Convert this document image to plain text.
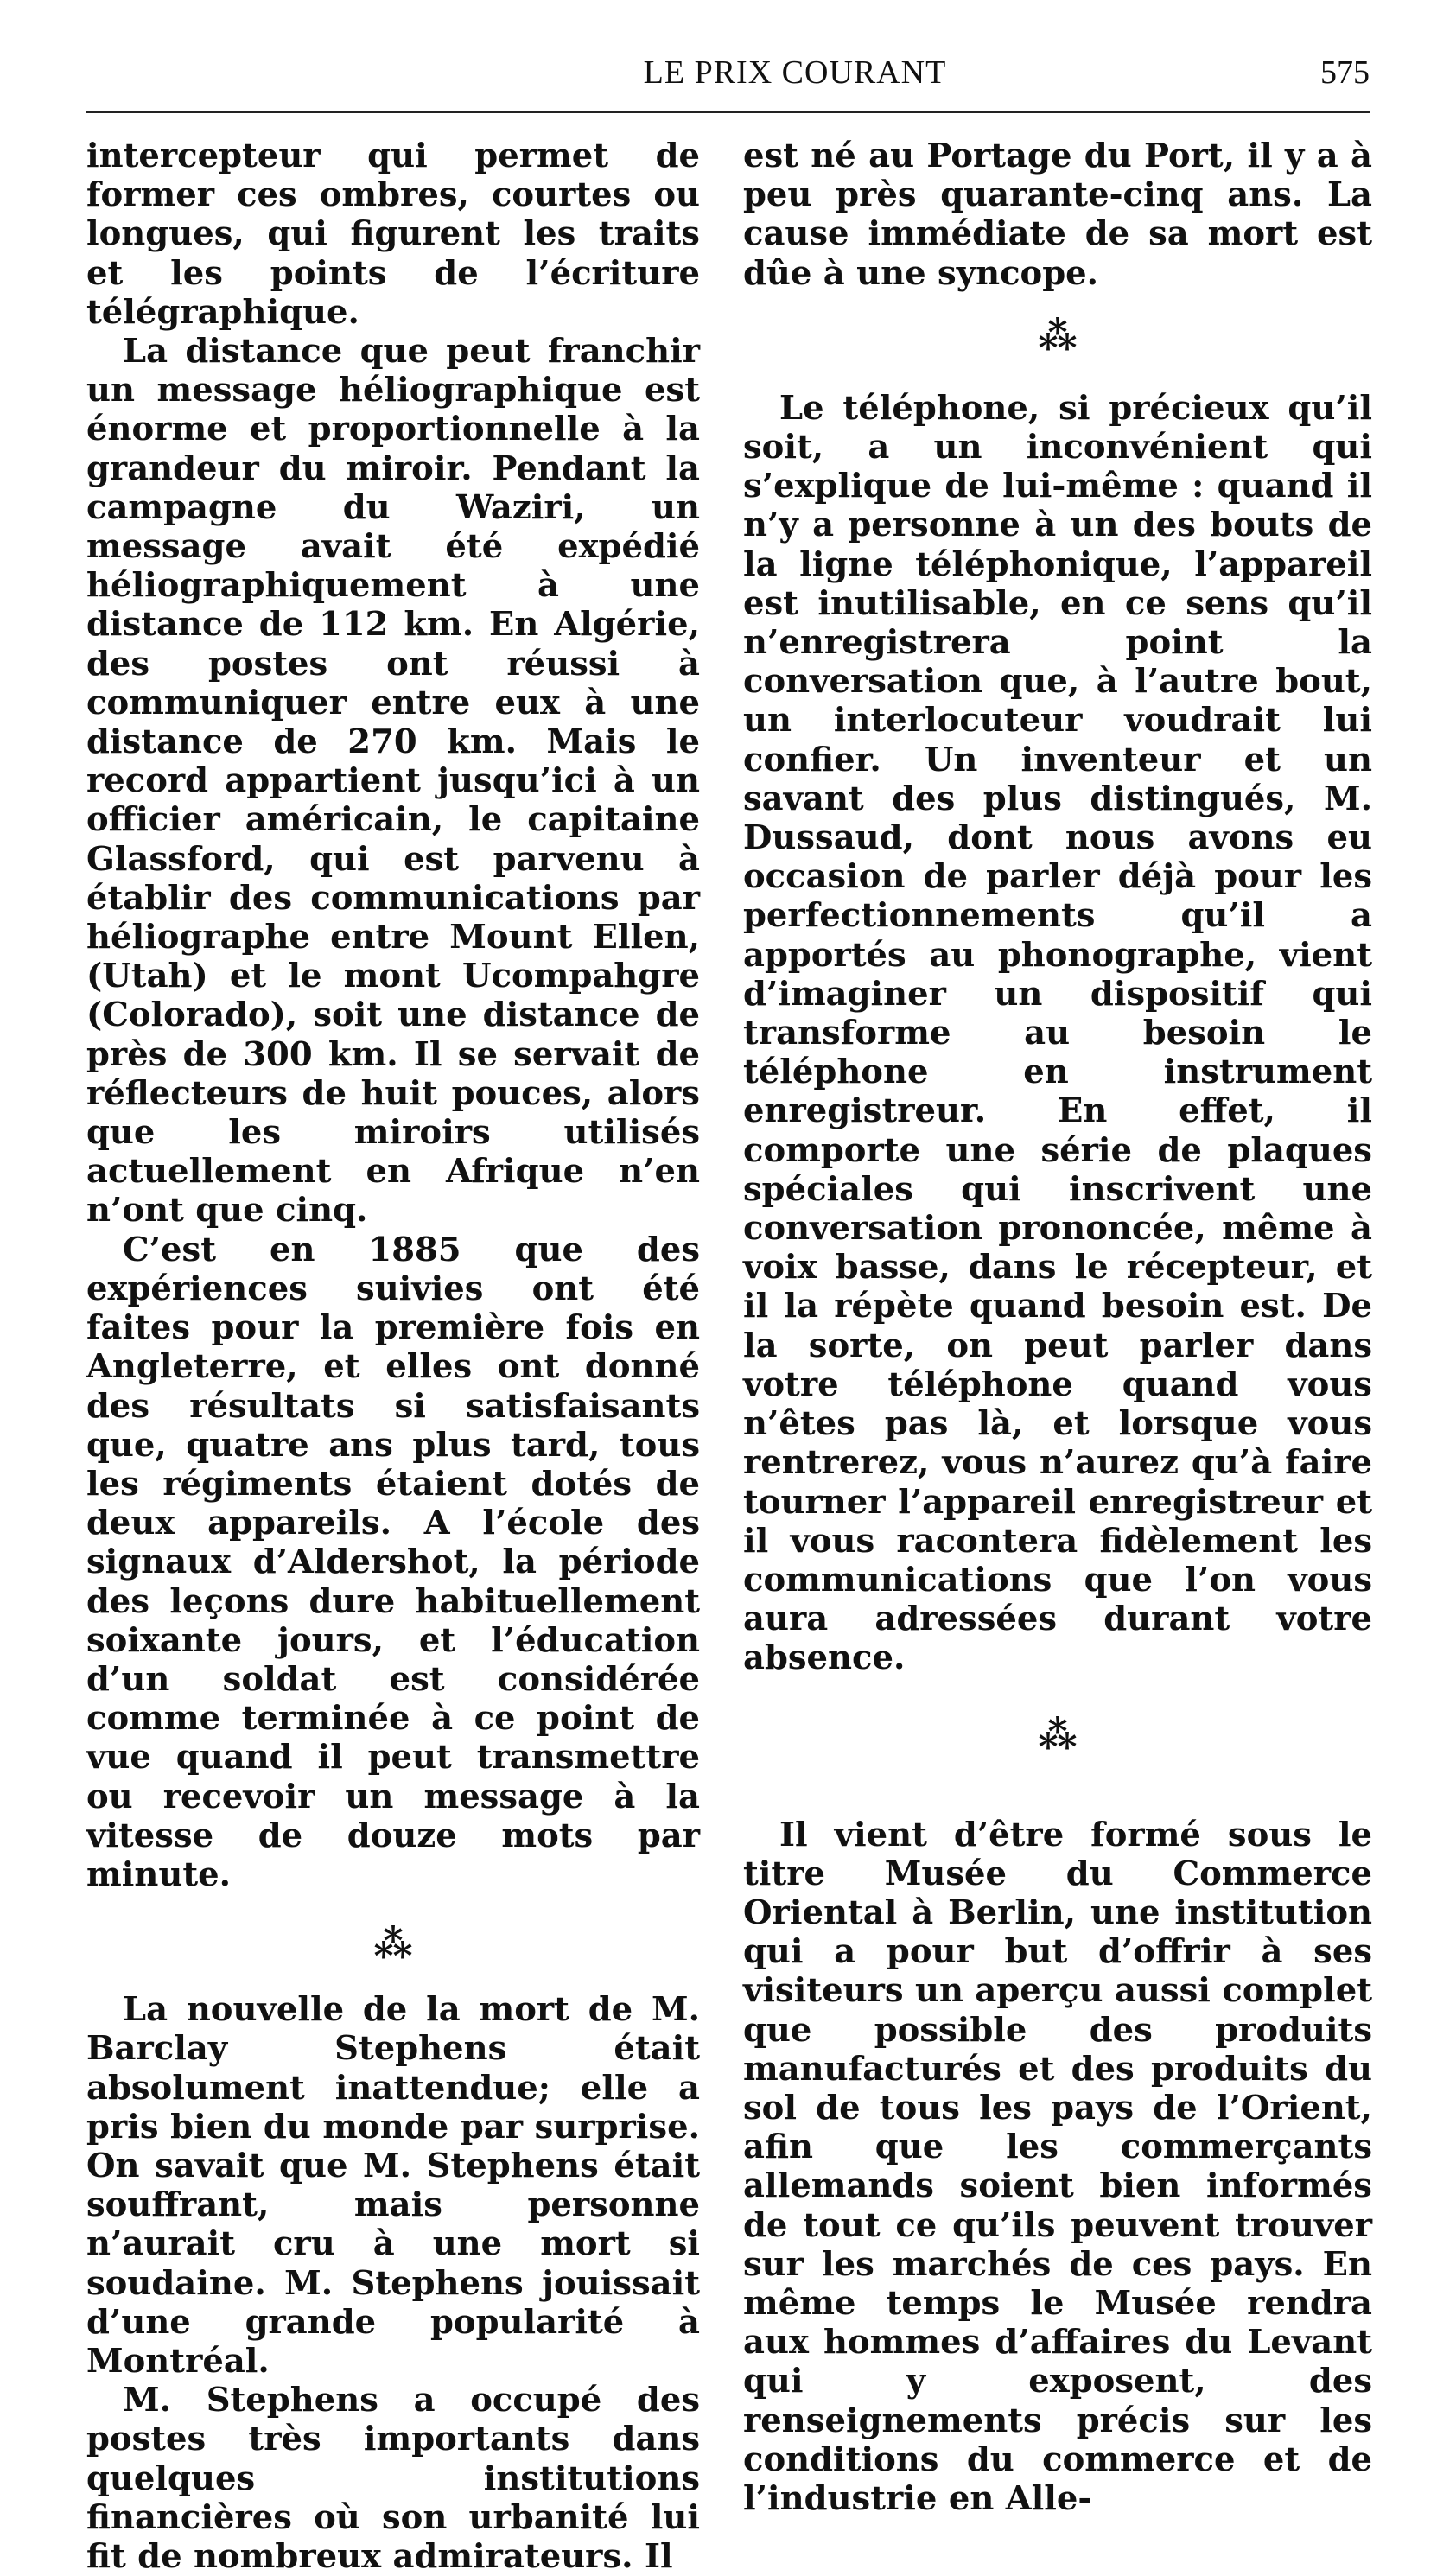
LE PRIX COURANT	575

intercepteur qui permet de former ces ombres, courtes ou longues, qui figurent les traits et les points de l’écriture télégraphique.

La distance que peut franchir un message héliographique est énorme et proportionnelle à la grandeur du miroir. Pendant la campagne du Waziri, un message avait été expédié héliographiquement à une distance de 112 km. En Algérie, des postes ont réussi à communiquer entre eux à une distance de 270 km. Mais le record appartient jusqu’ici à un officier américain, le capitaine Glassford, qui est parvenu à établir des communications par héliographe entre Mount Ellen, (Utah) et le mont Ucompahgre (Colorado), soit une distance de près de 300 km. Il se servait de réflecteurs de huit pouces, alors que les miroirs utilisés actuellement en Afrique n’en n’ont que cinq.

C’est en 1885 que des expériences suivies ont été faites pour la première fois en Angleterre, et elles ont donné des résultats si satisfaisants que, quatre ans plus tard, tous les régiments étaient dotés de deux appareils. A l’école des signaux d’Aldershot, la période des leçons dure habituellement soixante jours, et l’éducation d’un soldat est considérée comme terminée à ce point de vue quand il peut transmettre ou recevoir un message à la vitesse de douze mots par minute.

⁂

La nouvelle de la mort de M. Barclay Stephens était absolument inattendue; elle a pris bien du monde par surprise. On savait que M. Stephens était souffrant, mais personne n’aurait cru à une mort si soudaine. M. Stephens jouissait d’une grande popularité à Montréal.

M. Stephens a occupé des postes très importants dans quelques institutions financières où son urbanité lui fit de nombreux admirateurs. Il

est né au Portage du Port, il y a à peu près quarante-cinq ans. La cause immédiate de sa mort est dûe à une syncope.

⁂

Le téléphone, si précieux qu’il soit, a un inconvénient qui s’explique de lui-même : quand il n’y a personne à un des bouts de la ligne téléphonique, l’appareil est inutilisable, en ce sens qu’il n’enregistrera point la conversation que, à l’autre bout, un interlocuteur voudrait lui confier. Un inventeur et un savant des plus distingués, M. Dussaud, dont nous avons eu occasion de parler déjà pour les perfectionnements qu’il a apportés au phonographe, vient d’imaginer un dispositif qui transforme au besoin le téléphone en instrument enregistreur. En effet, il comporte une série de plaques spéciales qui inscrivent une conversation prononcée, même à voix basse, dans le récepteur, et il la répète quand besoin est. De la sorte, on peut parler dans votre téléphone quand vous n’êtes pas là, et lorsque vous rentrerez, vous n’aurez qu’à faire tourner l’appareil enregistreur et il vous racontera fidèlement les communications que l’on vous aura adressées durant votre absence.

⁂

Il vient d’être formé sous le titre Musée du Commerce Oriental à Berlin, une institution qui a pour but d’offrir à ses visiteurs un aperçu aussi complet que possible des produits manufacturés et des produits du sol de tous les pays de l’Orient, afin que les commerçants allemands soient bien informés de tout ce qu’ils peuvent trouver sur les marchés de ces pays. En même temps le Musée rendra aux hommes d’affaires du Levant qui y exposent, des renseignements précis sur les conditions du commerce et de l’industrie en Alle-
